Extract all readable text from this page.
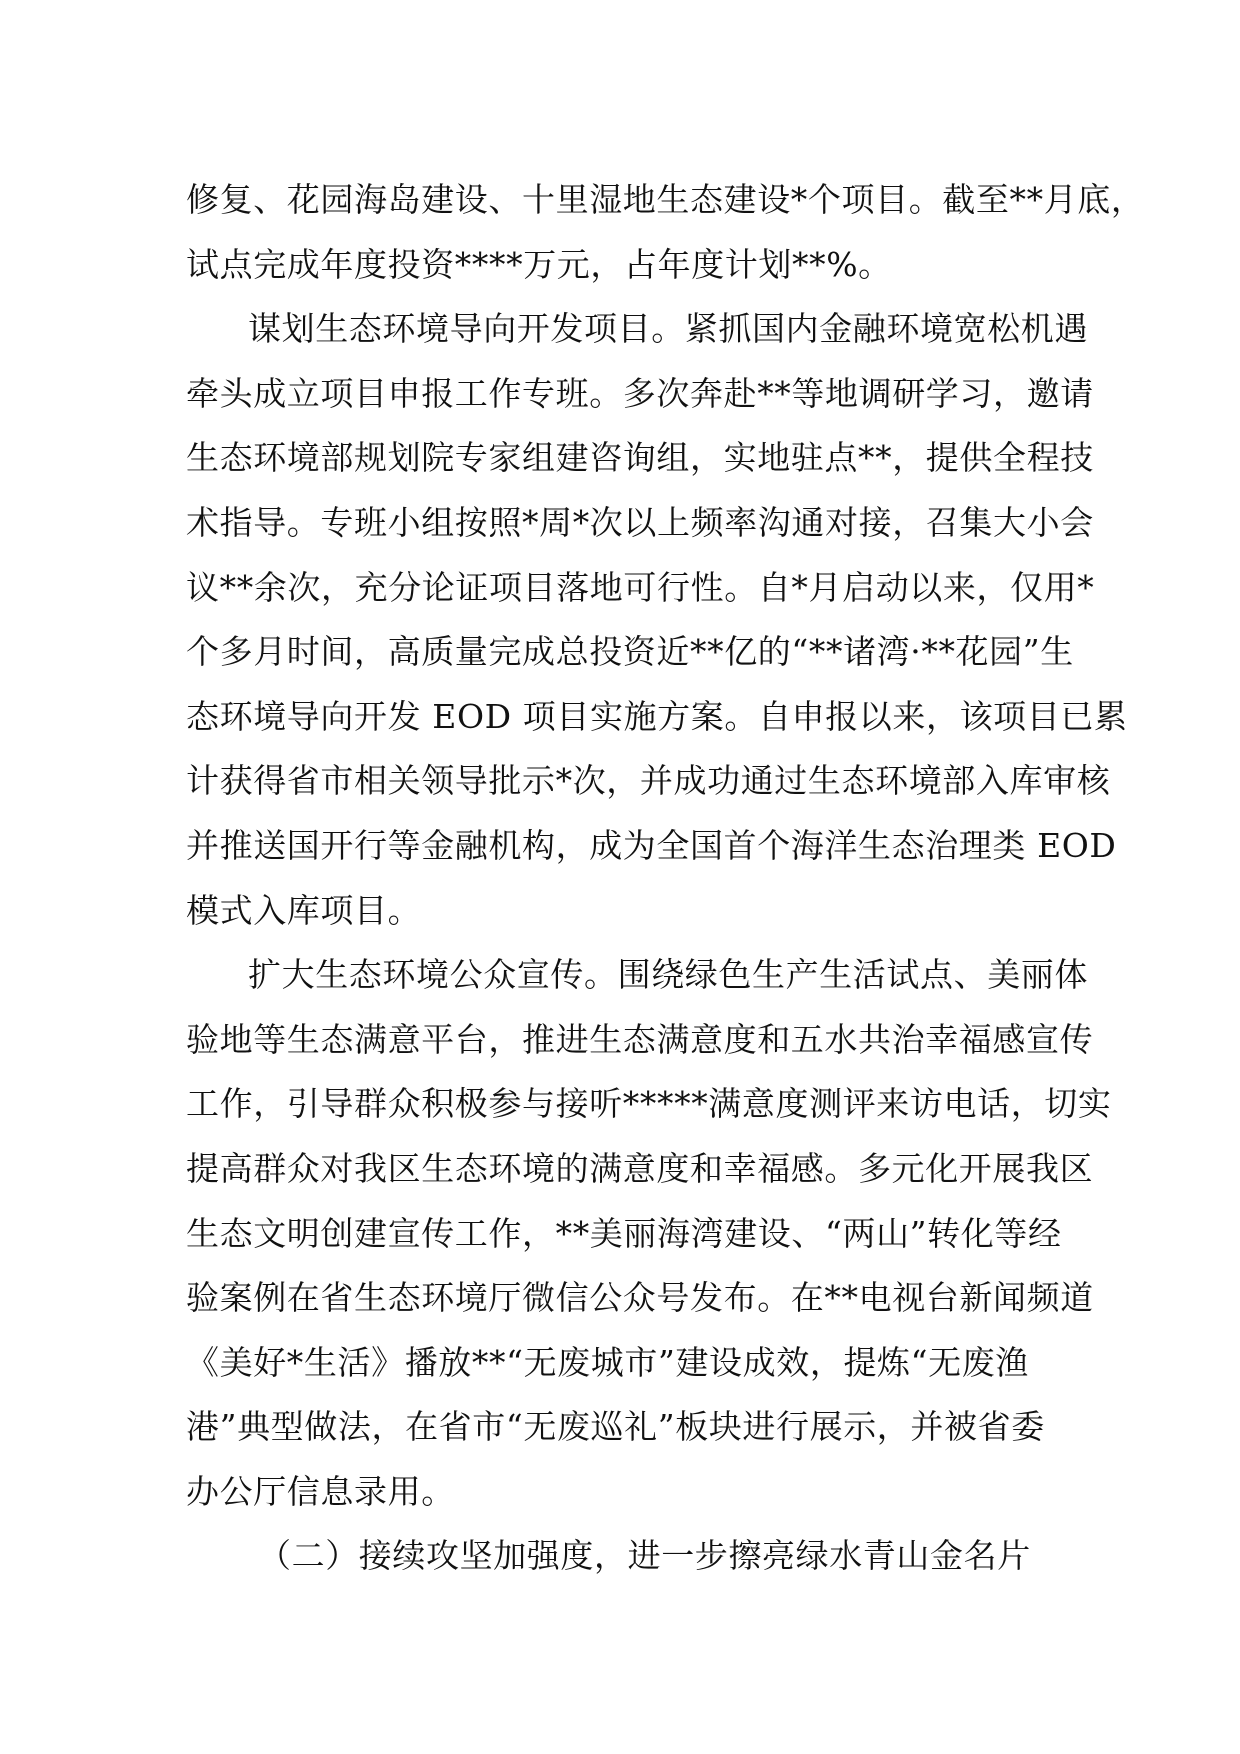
修复、花园海岛建设、十里湿地生态建设*个项目。截至**月底，
试点完成年度投资****万元，占年度计划**%。
谋划生态环境导向开发项目。紧抓国内金融环境宽松机遇
牵头成立项目申报工作专班。多次奔赴**等地调研学习，邀请
生态环境部规划院专家组建咨询组，实地驻点**，提供全程技
术指导。专班小组按照*周*次以上频率沟通对接，召集大小会
议**余次，充分论证项目落地可行性。自*月启动以来，仅用*
个多月时间，高质量完成总投资近**亿的“**诸湾·**花园”生
态环境导向开发 EOD 项目实施方案。自申报以来，该项目已累
计获得省市相关领导批示*次，并成功通过生态环境部入库审核
并推送国开行等金融机构，成为全国首个海洋生态治理类 EOD
模式入库项目。
扩大生态环境公众宣传。围绕绿色生产生活试点、美丽体
验地等生态满意平台，推进生态满意度和五水共治幸福感宣传
工作，引导群众积极参与接听*****满意度测评来访电话，切实
提高群众对我区生态环境的满意度和幸福感。多元化开展我区
生态文明创建宣传工作，**美丽海湾建设、“两山”转化等经
验案例在省生态环境厅微信公众号发布。在**电视台新闻频道
《美好*生活》播放**“无废城市”建设成效，提炼“无废渔
港”典型做法，在省市“无废巡礼”板块进行展示，并被省委
办公厅信息录用。
（二）接续攻坚加强度，进一步擦亮绿水青山金名片
